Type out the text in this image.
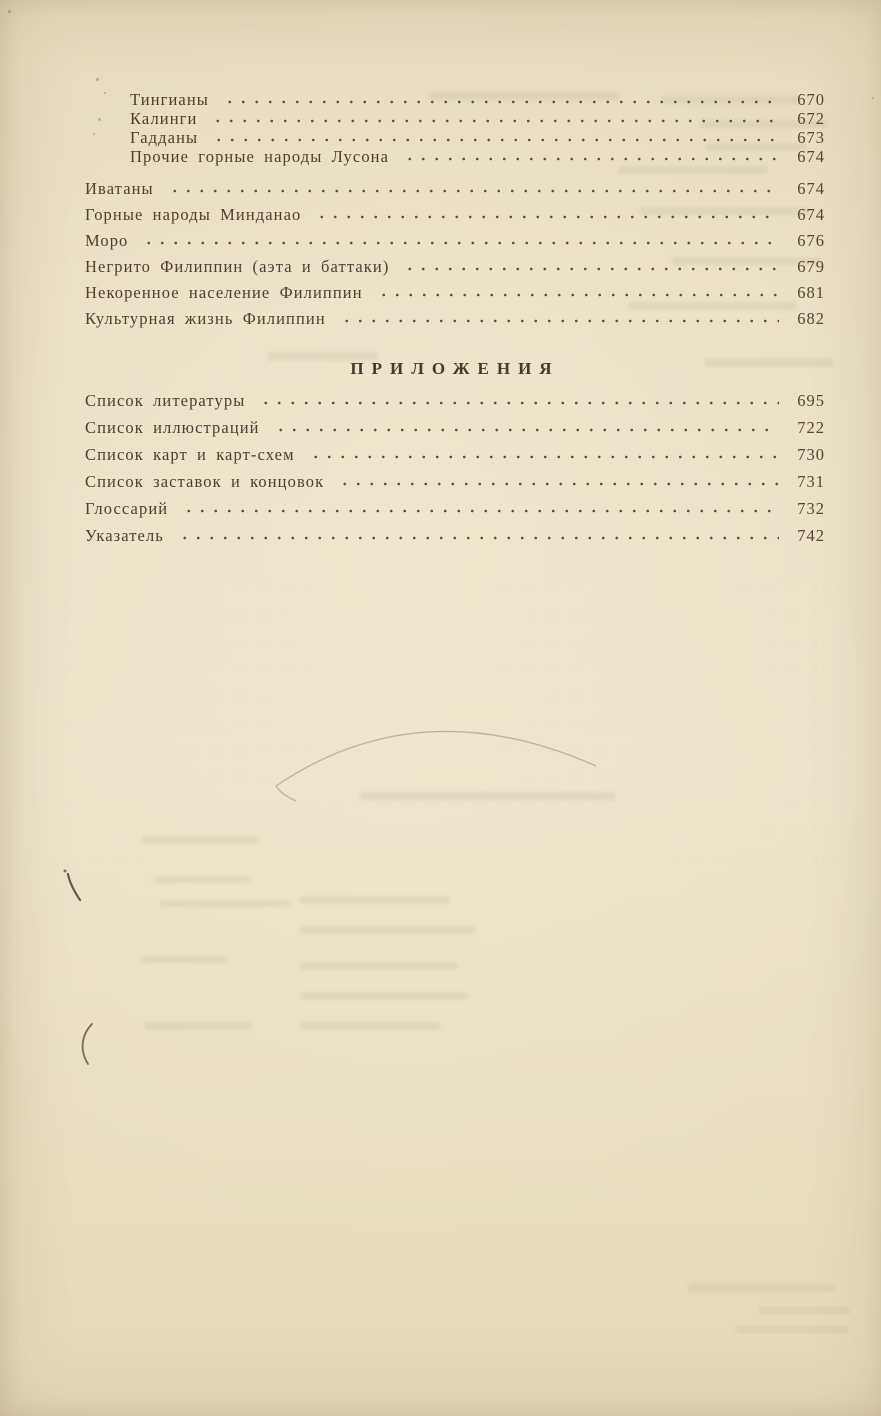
Тингианы	670
Калинги	672
Гадданы	673
Прочие горные народы Лусона	674
Иватаны	674
Горные народы Минданао	674
Моро	676
Негрито Филиппин (аэта и баттаки)	679
Некоренное население Филиппин	681
Культурная жизнь Филиппин	682
ПРИЛОЖЕНИЯ
Список литературы	695
Список иллюстраций	722
Список карт и карт-схем	730
Список заставок и концовок	731
Глоссарий	732
Указатель	742
